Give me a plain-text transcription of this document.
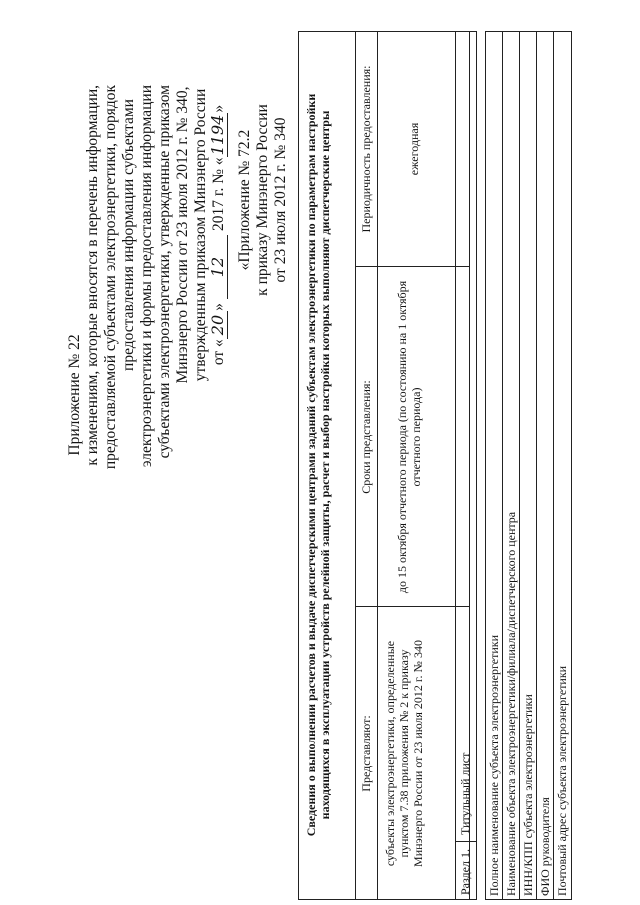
Приложение № 22 к изменениям, которые вносятся в перечень информации, предоставляемой субъектами электроэнергетики, порядок предоставления информации субъектами электроэнергетики и формы предоставления информации субъектами электроэнергетики, утвержденные приказом Минэнерго России от 23 июля 2012 г. № 340, утвержденным приказом Минэнерго России от «20» 12 2017 г. № «1194»
«Приложение № 72.2 к приказу Минэнерго России от 23 июля 2012 г. № 340 Сведения о выполнении расчетов и выдаче диспетчерскими центрами заданий субъектам электроэнергетики по параметрам настройки находящихся в эксплуатации устройств релейной защиты, расчет и выбор настройки которых выполняют диспетчерские центры Представляют:
Сроки представления:
Периодичность предоставления:
субъекты электроэнергетики, определенные пунктом 7.38 приложения № 2 к приказу Минэнерго России от 23 июля 2012 г. № 340
до 15 октября отчетного периода (по состоянию на 1 октября отчетного периода)
ежегодная
Раздел 1.
Титульный лист Полное наименование субъекта электроэнергетики Наименование объекта электроэнергетики/филиала/диспетчерского центра ИНН/КПП субъекта электроэнергетики ФИО руководителя Почтовый адрес субъекта электроэнергетики
